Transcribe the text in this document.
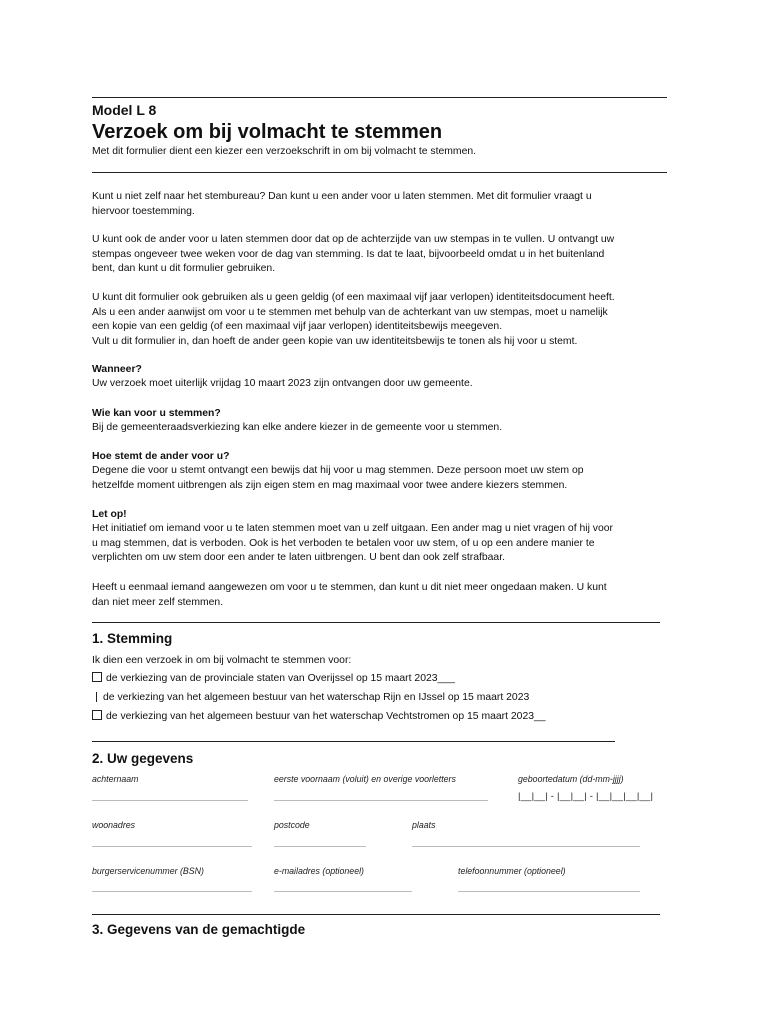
Model L 8

Verzoek om bij volmacht te stemmen

Met dit formulier dient een kiezer een verzoekschrift in om bij volmacht te stemmen.

Kunt u niet zelf naar het stembureau? Dan kunt u een ander voor u laten stemmen. Met dit formulier vraagt u

hiervoor toestemming.

U kunt ook de ander voor u laten stemmen door dat op de achterzijde van uw stempas in te vullen. U ontvangt uw

stempas ongeveer twee weken voor de dag van stemming. Is dat te laat, bijvoorbeeld omdat u in het buitenland

bent, dan kunt u dit formulier gebruiken.

U kunt dit formulier ook gebruiken als u geen geldig (of een maximaal vijf jaar verlopen) identiteitsdocument heeft.

Als u een ander aanwijst om voor u te stemmen met behulp van de achterkant van uw stempas, moet u namelijk

een kopie van een geldig (of een maximaal vijf jaar verlopen) identiteitsbewijs meegeven.

Vult u dit formulier in, dan hoeft de ander geen kopie van uw identiteitsbewijs te tonen als hij voor u stemt.

Wanneer?

Uw verzoek moet uiterlijk vrijdag 10 maart 2023 zijn ontvangen door uw gemeente.

Wie kan voor u stemmen?

Bij de gemeenteraadsverkiezing kan elke andere kiezer in de gemeente voor u stemmen.

Hoe stemt de ander voor u?

Degene die voor u stemt ontvangt een bewijs dat hij voor u mag stemmen. Deze persoon moet uw stem op

hetzelfde moment uitbrengen als zijn eigen stem en mag maximaal voor twee andere kiezers stemmen.

Let op!

Het initiatief om iemand voor u te laten stemmen moet van u zelf uitgaan. Een ander mag u niet vragen of hij voor

u mag stemmen, dat is verboden. Ook is het verboden te betalen voor uw stem, of u op een andere manier te

verplichten om uw stem door een ander te laten uitbrengen. U bent dan ook zelf strafbaar.

Heeft u eenmaal iemand aangewezen om voor u te stemmen, dan kunt u dit niet meer ongedaan maken. U kunt

dan niet meer zelf stemmen.

1. Stemming

Ik dien een verzoek in om bij volmacht te stemmen voor:

de verkiezing van de provinciale staten van Overijssel op 15 maart 2023___
de verkiezing van het algemeen bestuur van het waterschap Rijn en IJssel op 15 maart 2023
de verkiezing van het algemeen bestuur van het waterschap Vechtstromen op 15 maart 2023__

2. Uw gegevens

achternaam	eerste voornaam (voluit) en overige voorletters	geboortedatum (dd-mm-jjjj)
|__|__| - |__|__| - |__|__|__|__|
woonadres	postcode	plaats
burgerservicenummer (BSN)	e-mailadres (optioneel)	telefoonnummer (optioneel)

3. Gegevens van de gemachtigde
